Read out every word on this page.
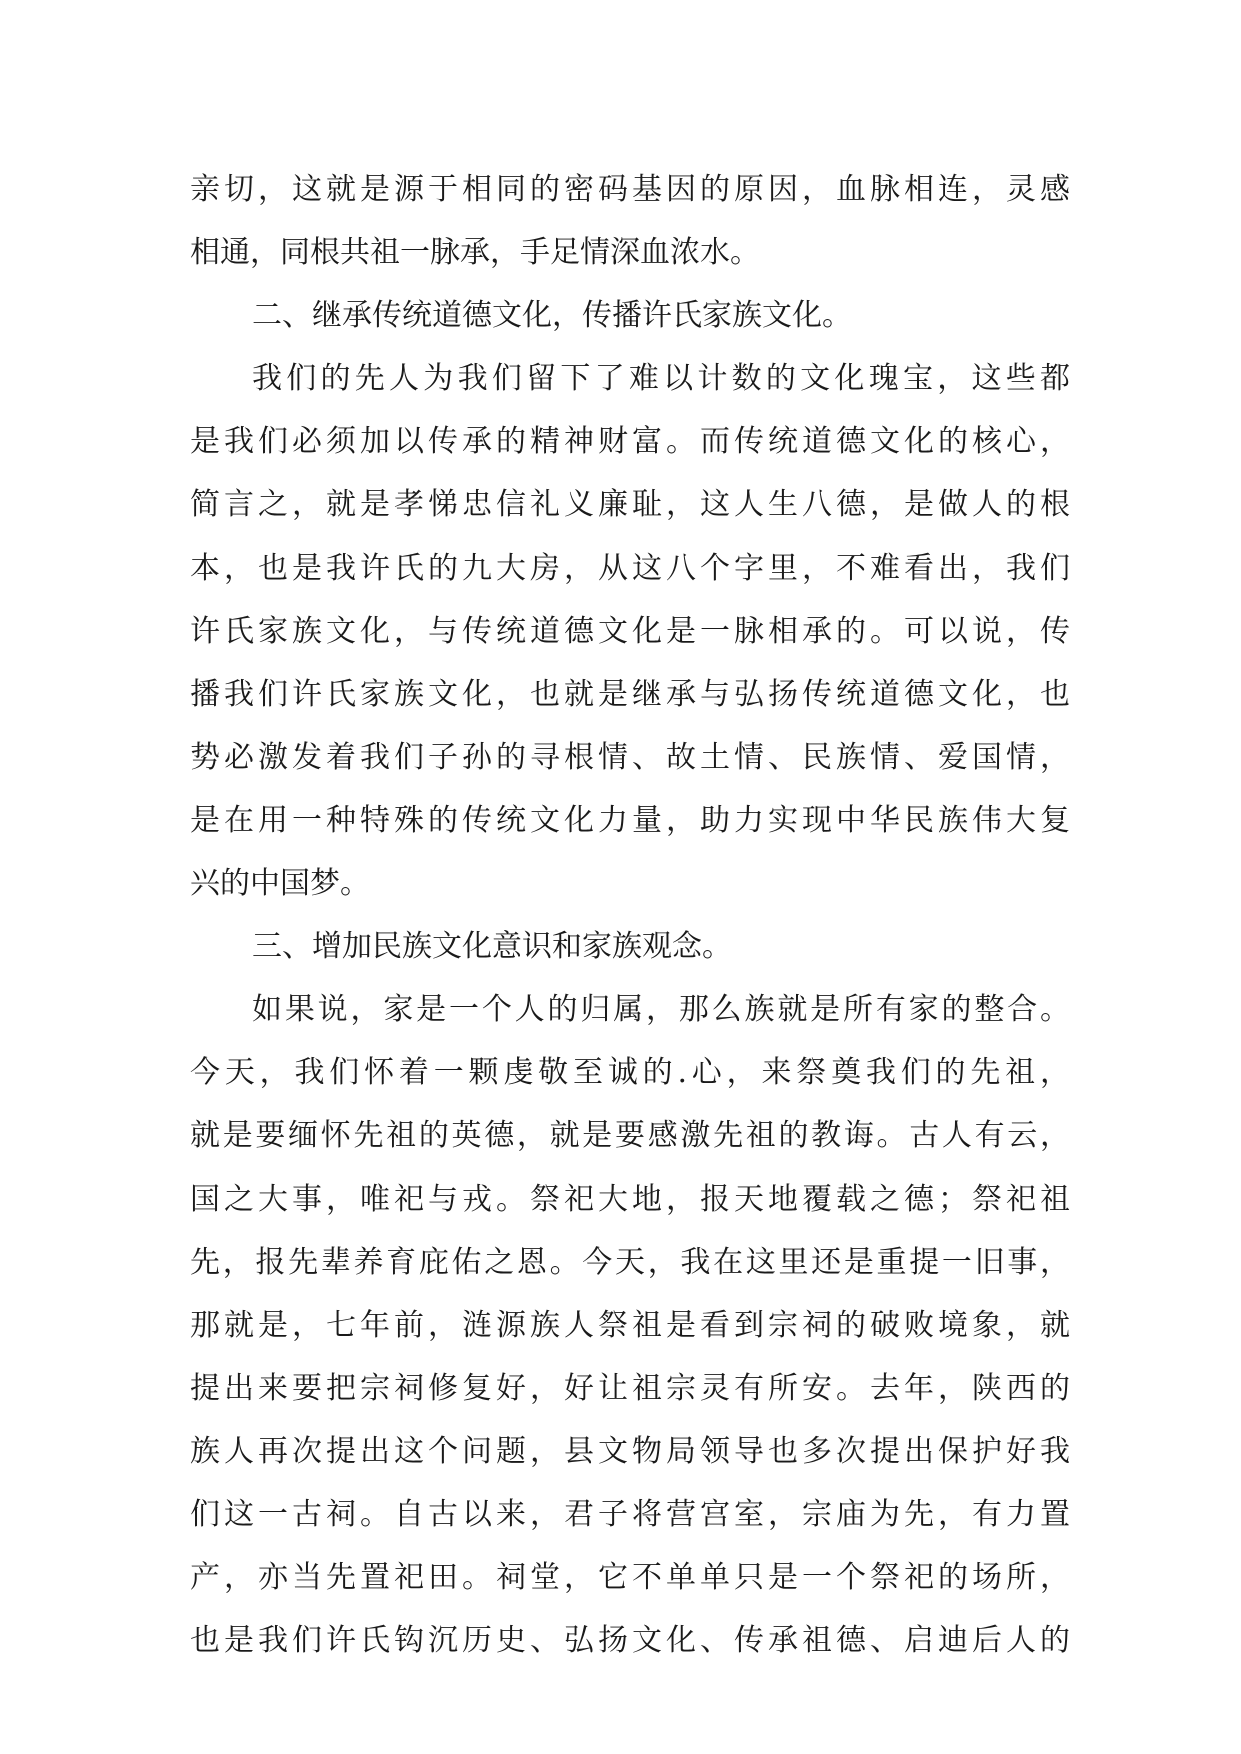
亲切，这就是源于相同的密码基因的原因，血脉相连，灵感
相通，同根共祖一脉承，手足情深血浓水。
二、继承传统道德文化，传播许氏家族文化。
我们的先人为我们留下了难以计数的文化瑰宝，这些都
是我们必须加以传承的精神财富。而传统道德文化的核心，
简言之，就是孝悌忠信礼义廉耻，这人生八德，是做人的根
本，也是我许氏的九大房，从这八个字里，不难看出，我们
许氏家族文化，与传统道德文化是一脉相承的。可以说，传
播我们许氏家族文化，也就是继承与弘扬传统道德文化，也
势必激发着我们子孙的寻根情、故土情、民族情、爱国情，
是在用一种特殊的传统文化力量，助力实现中华民族伟大复
兴的中国梦。
三、增加民族文化意识和家族观念。
如果说，家是一个人的归属，那么族就是所有家的整合。
今天，我们怀着一颗虔敬至诚的.心，来祭奠我们的先祖，
就是要缅怀先祖的英德，就是要感激先祖的教诲。古人有云，
国之大事，唯祀与戎。祭祀大地，报天地覆载之德；祭祀祖
先，报先辈养育庇佑之恩。今天，我在这里还是重提一旧事，
那就是，七年前，涟源族人祭祖是看到宗祠的破败境象，就
提出来要把宗祠修复好，好让祖宗灵有所安。去年，陕西的
族人再次提出这个问题，县文物局领导也多次提出保护好我
们这一古祠。自古以来，君子将营宫室，宗庙为先，有力置
产，亦当先置祀田。祠堂，它不单单只是一个祭祀的场所，
也是我们许氏钩沉历史、弘扬文化、传承祖德、启迪后人的
